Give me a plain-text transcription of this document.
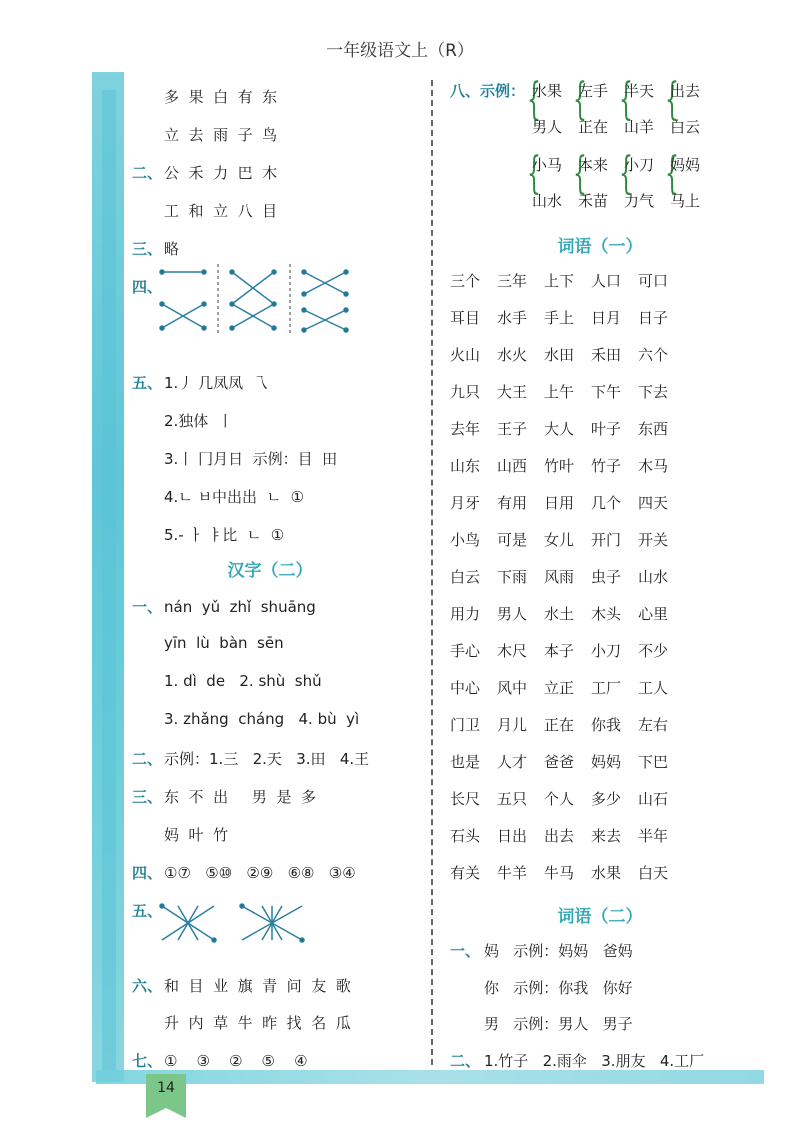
一年级语文上（R）
14
多  果  白  有  东
立  去  雨  子  鸟
二、 公  禾  力  巴  木
工  和  立  八  目
三、 略
四、
五、 1.丿 几凤凤  乁
2.独体  丨
3.丨 冂月日  示例：目  田
4.ㄴ ㅂ中出出  ㄴ  ①
5.- ㅏ ㅑ比  ㄴ  ①
汉字（二）
一、 nán  yǔ  zhǐ  shuāng
yīn  lù  bàn  sēn
1. dì  de   2. shù  shǔ
3. zhǎng  cháng   4. bù  yì
二、 示例：1.三   2.天   3.田   4.王
三、 东  不  出     男  是  多
妈  叶  竹
四、 ①⑦   ⑤⑩   ②⑨   ⑥⑧   ③④
五、
六、 和  目  业  旗  青  问  友  歌
升  内  草  牛  昨  找  名  瓜
七、 ①    ③    ②    ⑤    ④
八、示例： {
水果
男人
{
左手
正在
{
半天
山羊
{
出去
白云
{
小马
山水
{
本来
禾苗
{
小刀
力气
{
妈妈
马上
词语（一）
三个 三年 上下 人口 可口
耳目 水手 手上 日月 日子
火山 水火 水田 禾田 六个
九只 大王 上午 下午 下去
去年 王子 大人 叶子 东西
山东 山西 竹叶 竹子 木马
月牙 有用 日用 几个 四天
小鸟 可是 女儿 开门 开关
白云 下雨 风雨 虫子 山水
用力 男人 水土 木头 心里
手心 木尺 本子 小刀 不少
中心 风中 立正 工厂 工人
门卫 月儿 正在 你我 左右
也是 人才 爸爸 妈妈 下巴
长尺 五只 个人 多少 山石
石头 日出 出去 来去 半年
有关 牛羊 牛马 水果 白天
词语（二）
一、 妈   示例：妈妈   爸妈
你   示例：你我   你好
男   示例：男人   男子
二、 1.竹子   2.雨伞   3.朋友   4.工厂
